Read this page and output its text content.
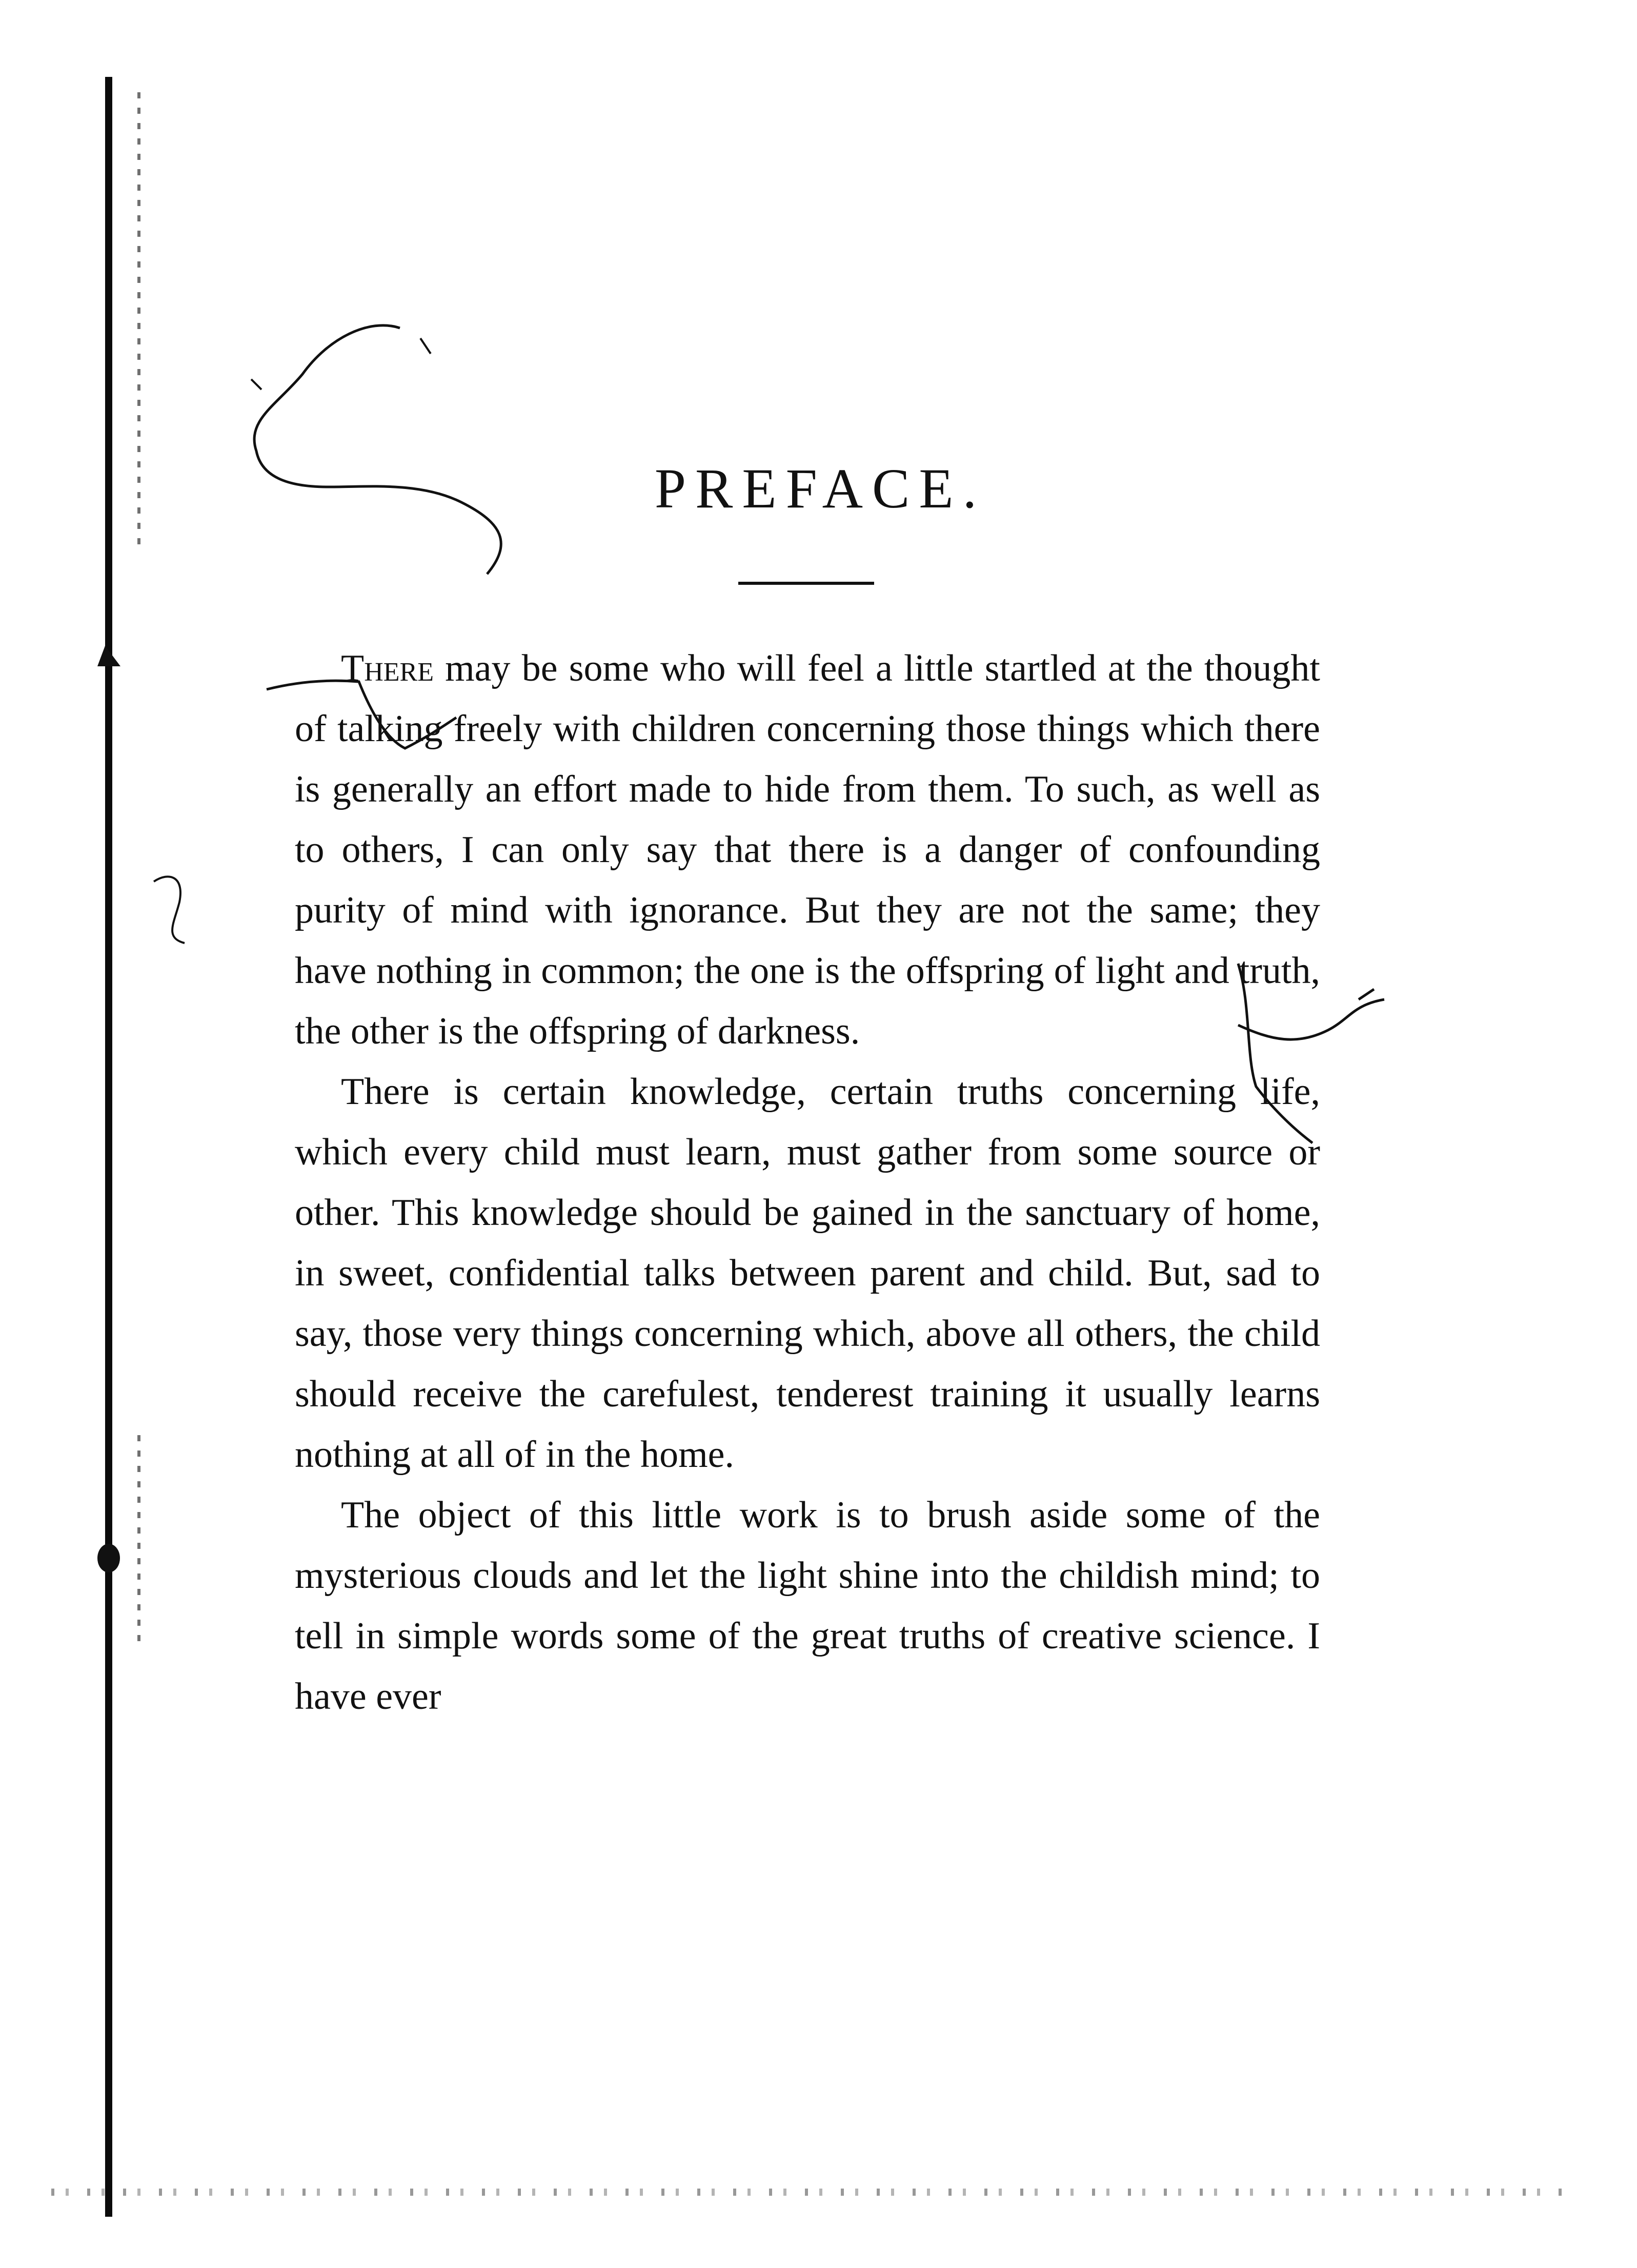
PREFACE.

There may be some who will feel a little startled at the thought of talking freely with children concerning those things which there is generally an effort made to hide from them. To such, as well as to others, I can only say that there is a danger of confounding purity of mind with ignorance. But they are not the same; they have nothing in common; the one is the offspring of light and truth, the other is the offspring of darkness.

There is certain knowledge, certain truths concerning life, which every child must learn, must gather from some source or other. This knowledge should be gained in the sanctuary of home, in sweet, confidential talks between parent and child. But, sad to say, those very things concerning which, above all others, the child should receive the carefulest, tenderest training it usually learns nothing at all of in the home.

The object of this little work is to brush aside some of the mysterious clouds and let the light shine into the childish mind; to tell in simple words some of the great truths of creative science. I have ever
